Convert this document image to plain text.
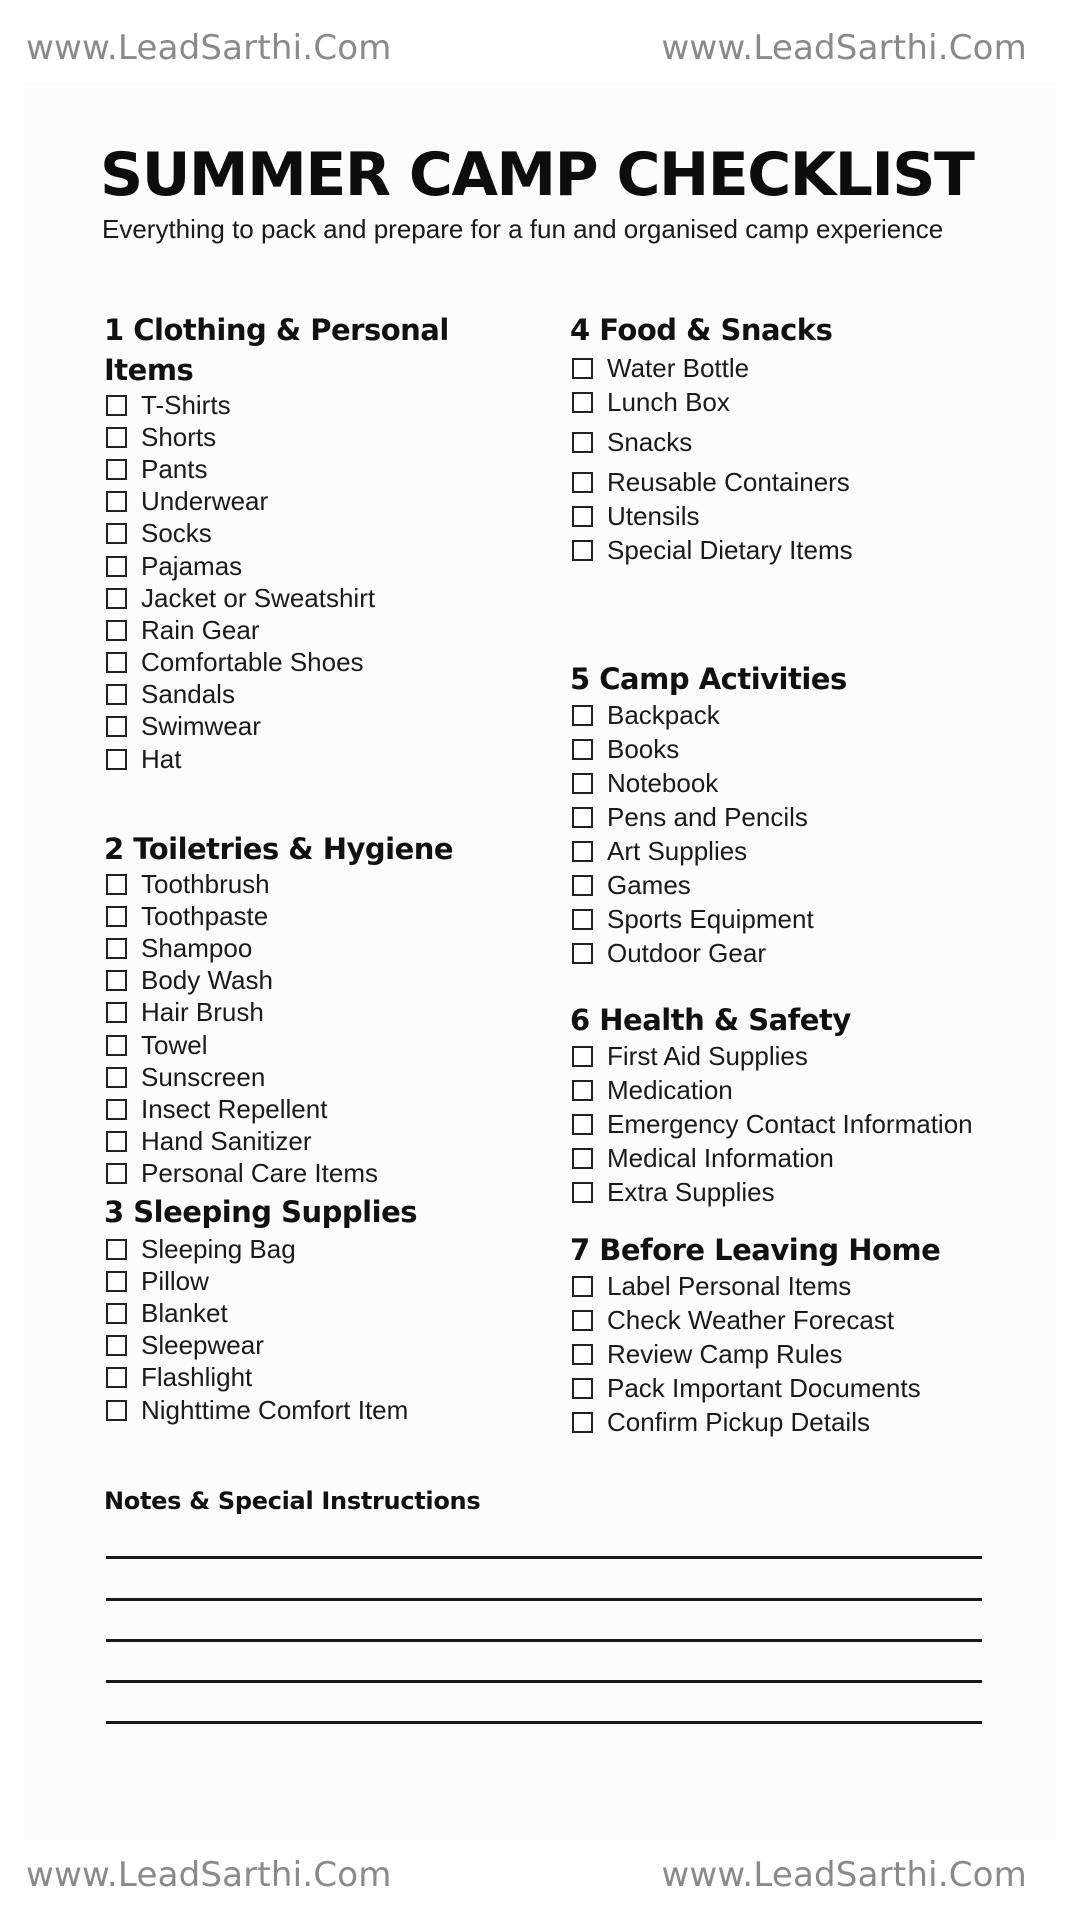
www.LeadSarthi.Com	www.LeadSarthi.Com
SUMMER CAMP CHECKLIST
Everything to pack and prepare for a fun and organised camp experience
1 Clothing & Personal
Items
T-Shirts
Shorts
Pants
Underwear
Socks
Pajamas
Jacket or Sweatshirt
Rain Gear
Comfortable Shoes
Sandals
Swimwear
Hat
2 Toiletries & Hygiene
Toothbrush
Toothpaste
Shampoo
Body Wash
Hair Brush
Towel
Sunscreen
Insect Repellent
Hand Sanitizer
Personal Care Items
3 Sleeping Supplies
Sleeping Bag
Pillow
Blanket
Sleepwear
Flashlight
Nighttime Comfort Item
4 Food & Snacks
Water Bottle
Lunch Box
Snacks
Reusable Containers
Utensils
Special Dietary Items
5 Camp Activities
Backpack
Books
Notebook
Pens and Pencils
Art Supplies
Games
Sports Equipment
Outdoor Gear
6 Health & Safety
First Aid Supplies
Medication
Emergency Contact Information
Medical Information
Extra Supplies
7 Before Leaving Home
Label Personal Items
Check Weather Forecast
Review Camp Rules
Pack Important Documents
Confirm Pickup Details
Notes & Special Instructions
www.LeadSarthi.Com	www.LeadSarthi.Com
